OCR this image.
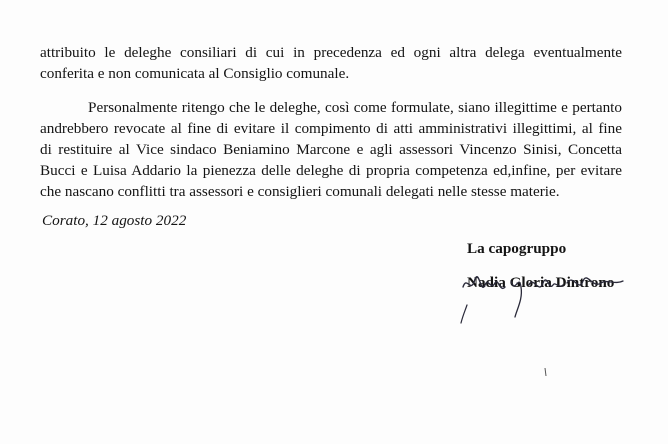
attribuito le deleghe consiliari di cui in precedenza ed ogni altra delega eventualmente
conferita e non comunicata al Consiglio comunale.
Personalmente ritengo che le deleghe, così come formulate, siano illegittime e pertanto
andrebbero revocate al fine di evitare il compimento di atti amministrativi illegittimi, al fine
di restituire al Vice sindaco Beniamino Marcone e agli assessori Vincenzo Sinisi, Concetta
Bucci e Luisa Addario la pienezza delle deleghe di propria competenza ed,infine, per evitare
che nascano conflitti tra assessori e consiglieri comunali delegati nelle stesse materie.

Corato, 12 agosto 2022

La capogruppo

Nadia Gloria Dintrono
